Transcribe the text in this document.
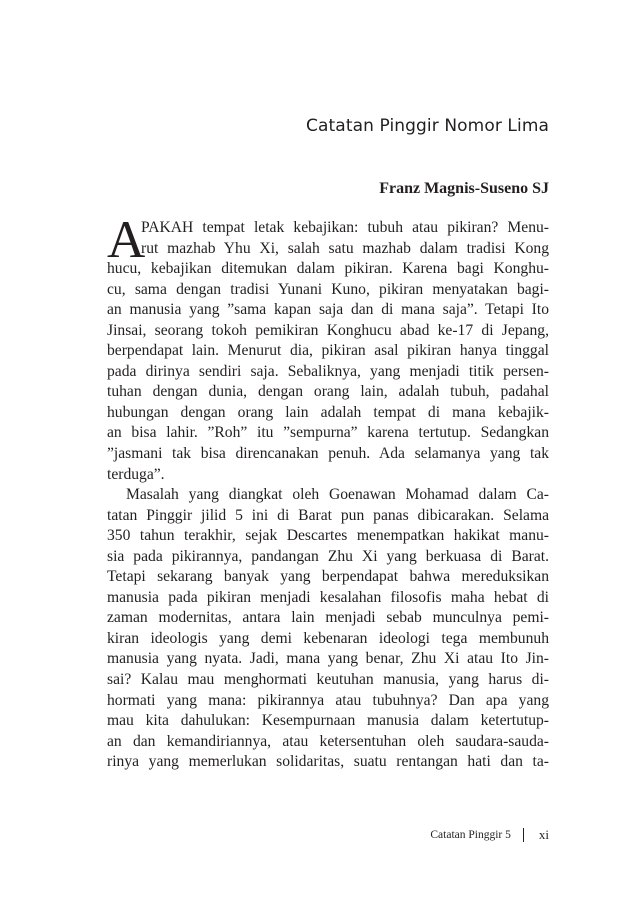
Catatan Pinggir Nomor Lima
Franz Magnis-Suseno SJ
A
PAKAH tempat letak kebajikan: tubuh atau pikiran? Menu-
rut mazhab Yhu Xi, salah satu mazhab dalam tradisi Kong
hucu, kebajikan ditemukan dalam pikiran. Karena bagi Konghu-
cu, sama dengan tradisi Yunani Kuno, pikiran menyatakan bagi-
an manusia yang ”sama kapan saja dan di mana saja”. Tetapi Ito
Jinsai, seorang tokoh pemikiran Konghucu abad ke-17 di Jepang,
berpendapat lain. Menurut dia, pikiran asal pikiran hanya tinggal
pada dirinya sendiri saja. Sebaliknya, yang menjadi titik persen-
tuhan dengan dunia, dengan orang lain, adalah tubuh, padahal
hubungan dengan orang lain adalah tempat di mana kebajik-
an bisa lahir. ”Roh” itu ”sempurna” karena tertutup. Sedangkan
”jasmani tak bisa direncanakan penuh. Ada selamanya yang tak
terduga”.
Masalah yang diangkat oleh Goenawan Mohamad dalam Ca-
tatan Pinggir jilid 5 ini di Barat pun panas dibicarakan. Selama
350 tahun terakhir, sejak Descartes menempatkan hakikat manu-
sia pada pikirannya, pandangan Zhu Xi yang berkuasa di Barat.
Tetapi sekarang banyak yang berpendapat bahwa mereduksikan
manusia pada pikiran menjadi kesalahan filosofis maha hebat di
zaman modernitas, antara lain menjadi sebab munculnya pemi-
kiran ideologis yang demi kebenaran ideologi tega membunuh
manusia yang nyata. Jadi, mana yang benar, Zhu Xi atau Ito Jin-
sai? Kalau mau menghormati keutuhan manusia, yang harus di-
hormati yang mana: pikirannya atau tubuhnya? Dan apa yang
mau kita dahulukan: Kesempurnaan manusia dalam ketertutup-
an dan kemandiriannya, atau ketersentuhan oleh saudara-sauda-
rinya yang memerlukan solidaritas, suatu rentangan hati dan ta-
Catatan Pinggir 5 xi
